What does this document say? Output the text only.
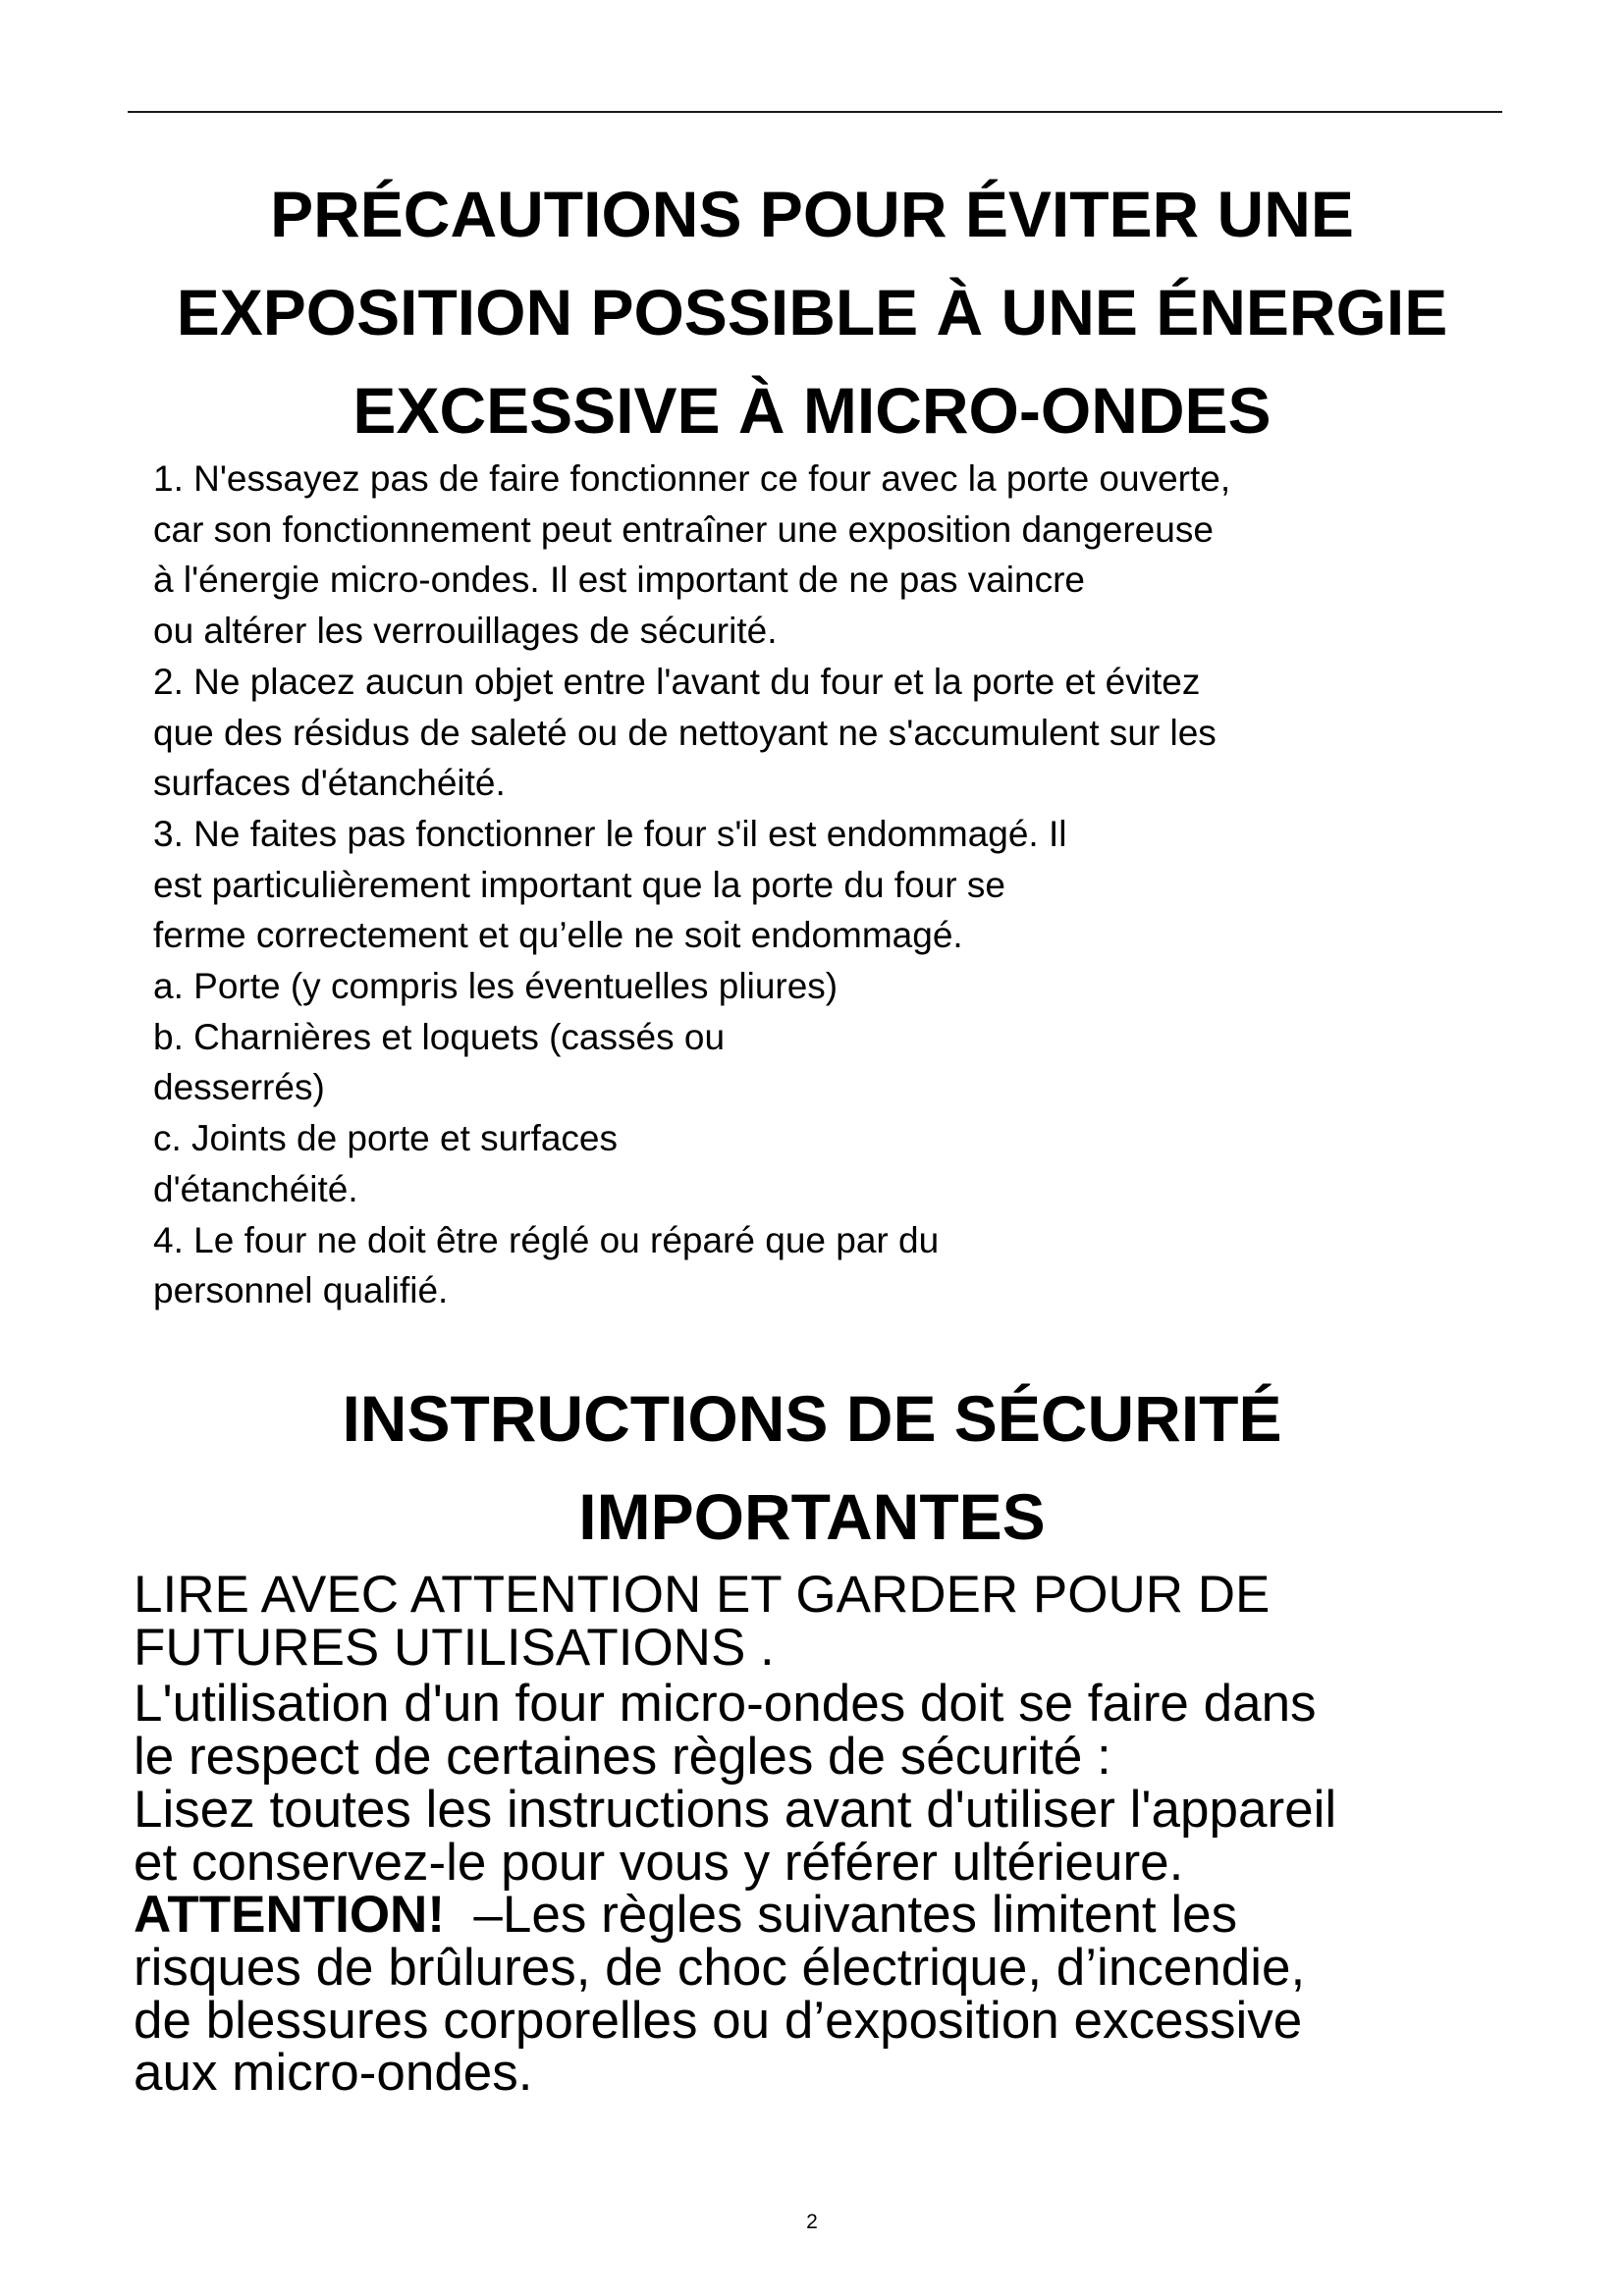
PRÉCAUTIONS POUR ÉVITER UNE
EXPOSITION POSSIBLE À UNE ÉNERGIE
EXCESSIVE À MICRO-ONDES
1. N'essayez pas de faire fonctionner ce four avec la porte ouverte,
car son fonctionnement peut entraîner une exposition dangereuse
à l'énergie micro-ondes. Il est important de ne pas vaincre
ou altérer les verrouillages de sécurité.
2. Ne placez aucun objet entre l'avant du four et la porte et évitez
que des résidus de saleté ou de nettoyant ne s'accumulent sur les
surfaces d'étanchéité.
3. Ne faites pas fonctionner le four s'il est endommagé. Il
est particulièrement important que la porte du four se
ferme correctement et qu’elle ne soit endommagé.
a. Porte (y compris les éventuelles pliures)
b. Charnières et loquets (cassés ou
desserrés)
c. Joints de porte et surfaces
d'étanchéité.
4. Le four ne doit être réglé ou réparé que par du
personnel qualifié.
INSTRUCTIONS DE SÉCURITÉ
IMPORTANTES
LIRE AVEC ATTENTION ET GARDER POUR DE
FUTURES UTILISATIONS .
L'utilisation d'un four micro-ondes doit se faire dans
le respect de certaines règles de sécurité :
Lisez toutes les instructions avant d'utiliser l'appareil
et conservez-le pour vous y référer ultérieure.
ATTENTION!  –Les règles suivantes limitent les
risques de brûlures, de choc électrique, d’incendie,
de blessures corporelles ou d’exposition excessive
aux micro-ondes.
2
